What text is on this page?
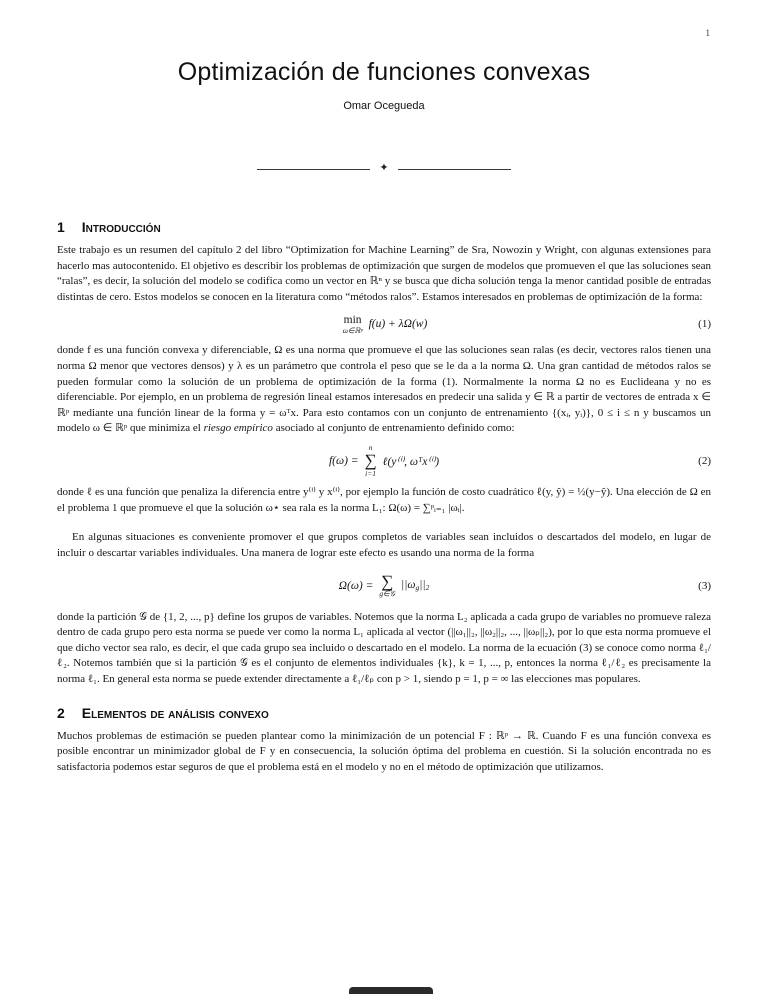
1
Optimización de funciones convexas
Omar Ocegueda
✦
1 Introducción

Este trabajo es un resumen del capítulo 2 del libro “Optimization for Machine Learning” de Sra, Nowozin y Wright, con algunas extensiones para hacerlo mas autocontenido. El objetivo es describir los problemas de optimización que surgen de modelos que promueven el que las soluciones sean “ralas”, es decir, la solución del modelo se codifica como un vector en ℝⁿ y se busca que dicha solución tenga la menor cantidad posible de entradas distintas de cero. Estos modelos se conocen en la literatura como “métodos ralos”. Estamos interesados en problemas de optimización de la forma:

min
ω∈ℝᵖ f(u) + λΩ(w)	(1)

donde f es una función convexa y diferenciable, Ω es una norma que promueve el que las soluciones sean ralas (es decir, vectores ralos tienen una norma Ω menor que vectores densos) y λ es un parámetro que controla el peso que se le da a la norma Ω. Una gran cantidad de métodos ralos se pueden formular como la solución de un problema de optimización de la forma (1). Normalmente la norma Ω no es Euclideana y no es diferenciable. Por ejemplo, en un problema de regresión lineal estamos interesados en predecir una salida y ∈ ℝ a partir de vectores de entrada x ∈ ℝᵖ mediante una función linear de la forma y = ωᵀx. Para esto contamos con un conjunto de entrenamiento {(xᵢ, yᵢ)}, 0 ≤ i ≤ n y buscamos un modelo ω ∈ ℝᵖ que minimiza el riesgo empírico asociado al conjunto de entrenamiento definido como:

f(ω) =
n
∑
i=1
ℓ(y⁽ⁱ⁾, ωᵀx⁽ⁱ⁾)	(2)

donde ℓ es una función que penaliza la diferencia entre y⁽ⁱ⁾ y x⁽ⁱ⁾, por ejemplo la función de costo cuadrático ℓ(y, ŷ) = ½(y−ŷ). Una elección de Ω en el problema 1 que promueve el que la solución ω⋆ sea rala es la norma L₁: Ω(ω) = ∑ᵖᵢ₌₁ |ωᵢ|.

En algunas situaciones es conveniente promover el que grupos completos de variables sean incluidos o descartados del modelo, en lugar de incluir o descartar variables individuales. Una manera de lograr este efecto es usando una norma de la forma

Ω(ω) = ∑
g∈𝒢
||ωg||2	(3)

donde la partición 𝒢 de {1, 2, ..., p} define los grupos de variables. Notemos que la norma L₂ aplicada a cada grupo de variables no promueve raleza dentro de cada grupo pero esta norma se puede ver como la norma L₁ aplicada al vector (||ω₁||₂, ||ω₂||₂, ..., ||ωₚ||₂), por lo que esta norma promueve el que dicho vector sea ralo, es decir, el que cada grupo sea incluido o descartado en el modelo. La norma de la ecuación (3) se conoce como norma ℓ₁/ℓ₂. Notemos también que si la partición 𝒢 es el conjunto de elementos individuales {k}, k = 1, ..., p, entonces la norma ℓ₁/ℓ₂ es precisamente la norma ℓ₁. En general esta norma se puede extender directamente a ℓ₁/ℓₚ con p > 1, siendo p = 1, p = ∞ las elecciones mas populares.

2 Elementos de análisis convexo

Muchos problemas de estimación se pueden plantear como la minimización de un potencial F : ℝᵖ → ℝ. Cuando F es una función convexa es posible encontrar un minimizador global de F y en consecuencia, la solución óptima del problema en cuestión. Si la solución encontrada no es satisfactoria podemos estar seguros de que el problema está en el modelo y no en el método de optimización que utilizamos.
